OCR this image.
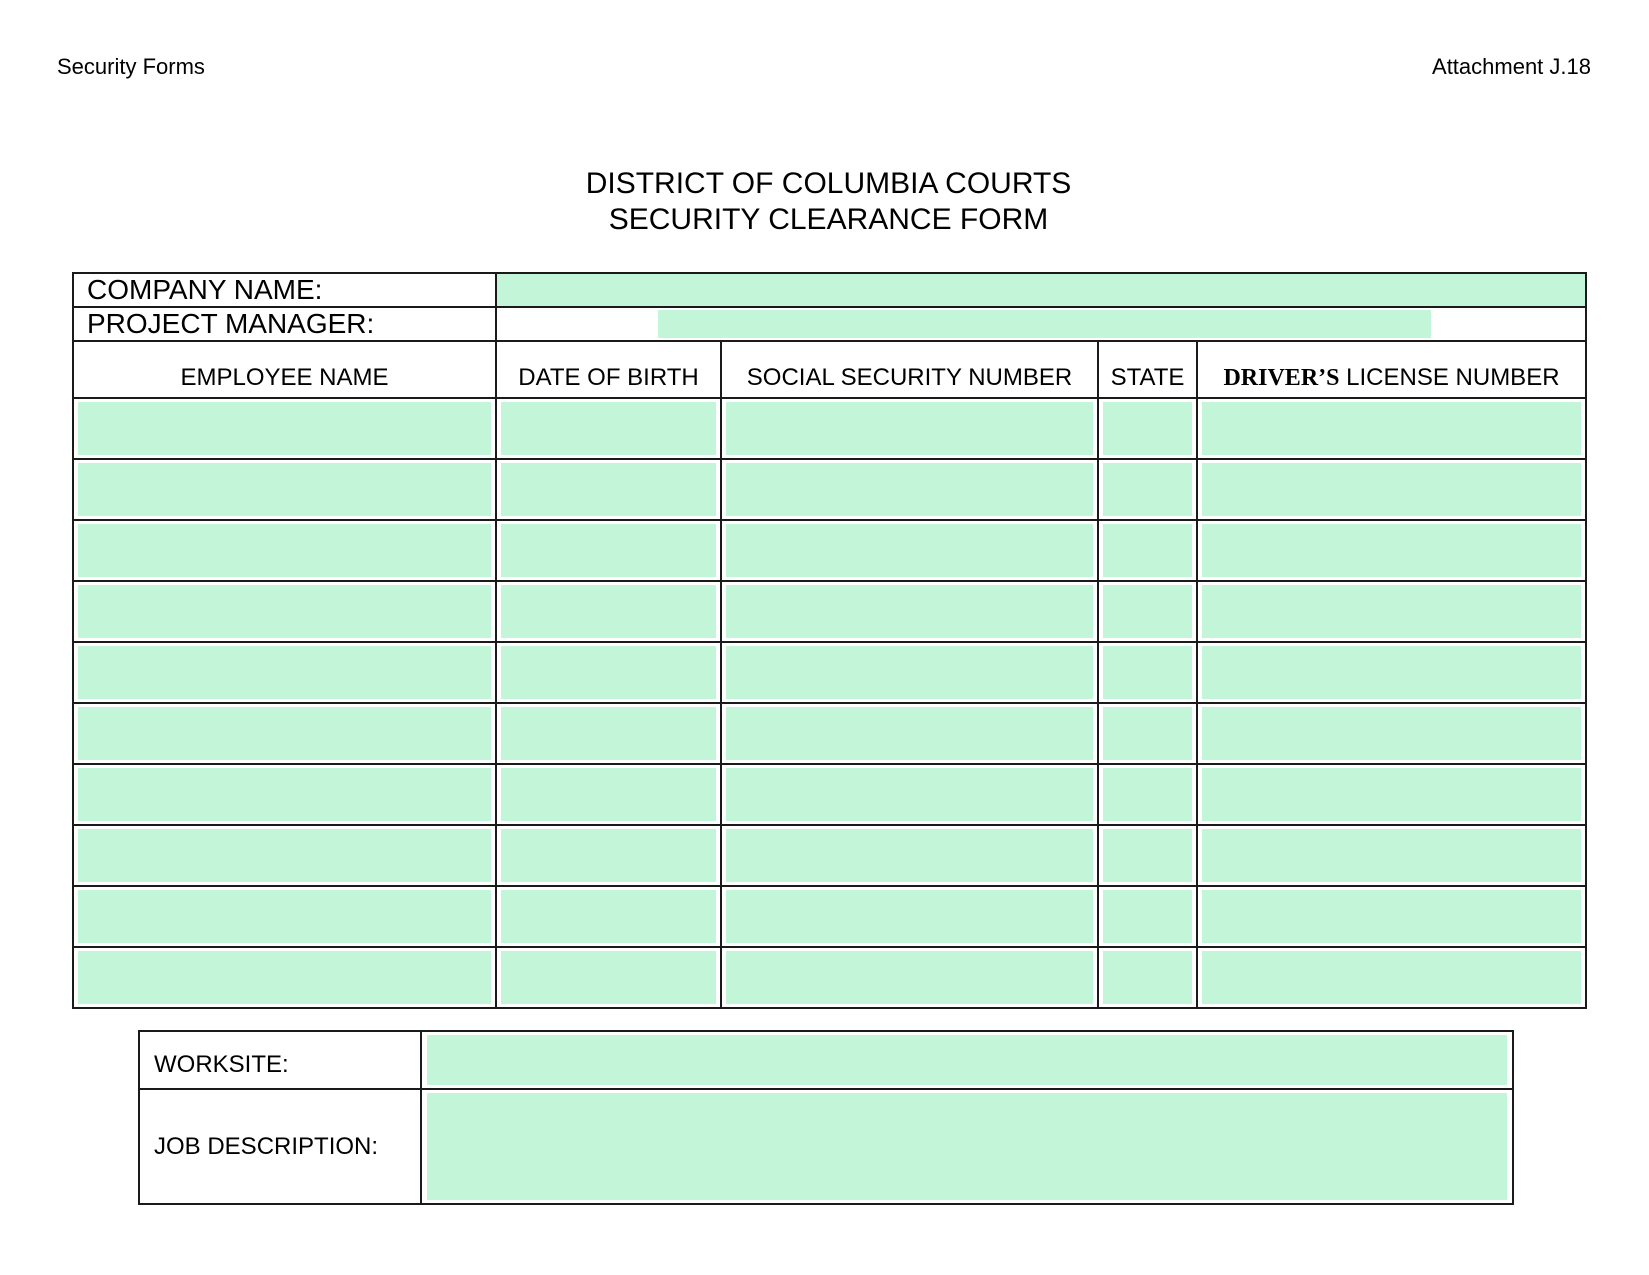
Security Forms	Attachment J.18
DISTRICT OF COLUMBIA COURTS
SECURITY CLEARANCE FORM
COMPANY NAME:				
PROJECT MANAGER:				

EMPLOYEE NAME	DATE OF BIRTH	SOCIAL SECURITY NUMBER	STATE	DRIVER’S LICENSE NUMBER

WORKSITE:	

JOB DESCRIPTION:	
